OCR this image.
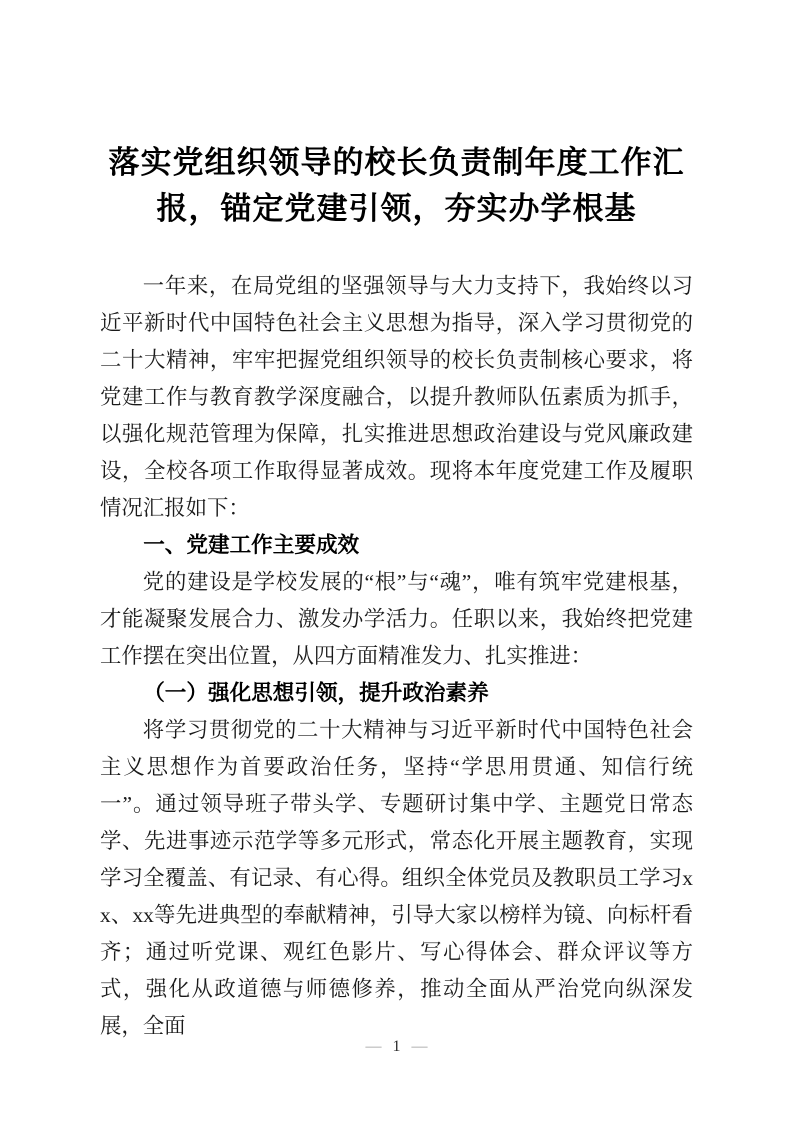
落实党组织领导的校长负责制年度工作汇
报，锚定党建引领，夯实办学根基

一年来，在局党组的坚强领导与大力支持下，我始终以习近平新时代中国特色社会主义思想为指导，深入学习贯彻党的二十大精神，牢牢把握党组织领导的校长负责制核心要求，将党建工作与教育教学深度融合，以提升教师队伍素质为抓手，以强化规范管理为保障，扎实推进思想政治建设与党风廉政建设，全校各项工作取得显著成效。现将本年度党建工作及履职情况汇报如下：

一、党建工作主要成效

党的建设是学校发展的“根”与“魂”，唯有筑牢党建根基，才能凝聚发展合力、激发办学活力。任职以来，我始终把党建工作摆在突出位置，从四方面精准发力、扎实推进：

（一）强化思想引领，提升政治素养

将学习贯彻党的二十大精神与习近平新时代中国特色社会主义思想作为首要政治任务，坚持“学思用贯通、知信行统一”。通过领导班子带头学、专题研讨集中学、主题党日常态学、先进事迹示范学等多元形式，常态化开展主题教育，实现学习全覆盖、有记录、有心得。组织全体党员及教职员工学习xx、xx等先进典型的奉献精神，引导大家以榜样为镜、向标杆看齐；通过听党课、观红色影片、写心得体会、群众评议等方式，强化从政道德与师德修养，推动全面从严治党向纵深发展，全面

— 1 —
